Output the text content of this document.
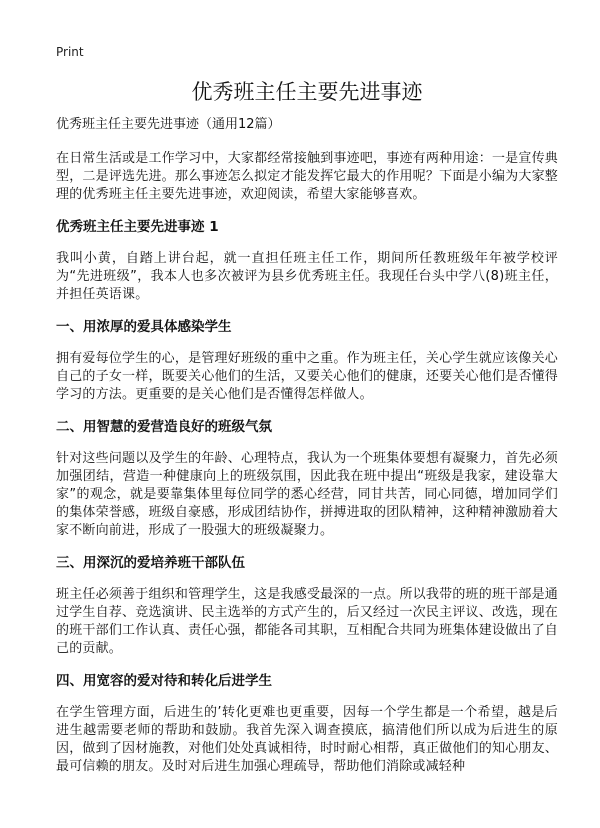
Print
优秀班主任主要先进事迹
优秀班主任主要先进事迹（通用12篇）

在日常生活或是工作学习中，大家都经常接触到事迹吧，事迹有两种用途：一是宣传典型，二是评选先进。那么事迹怎么拟定才能发挥它最大的作用呢？下面是小编为大家整理的优秀班主任主要先进事迹，欢迎阅读，希望大家能够喜欢。

优秀班主任主要先进事迹 1

我叫小黄，自踏上讲台起，就一直担任班主任工作，期间所任教班级年年被学校评为“先进班级”，我本人也多次被评为县乡优秀班主任。我现任台头中学八(8)班主任，并担任英语课。

一、用浓厚的爱具体感染学生

拥有爱每位学生的心，是管理好班级的重中之重。作为班主任，关心学生就应该像关心自己的子女一样，既要关心他们的生活，又要关心他们的健康，还要关心他们是否懂得学习的方法。更重要的是关心他们是否懂得怎样做人。

二、用智慧的爱营造良好的班级气氛

针对这些问题以及学生的年龄、心理特点，我认为一个班集体要想有凝聚力，首先必须加强团结，营造一种健康向上的班级氛围，因此我在班中提出“班级是我家，建设靠大家”的观念，就是要靠集体里每位同学的悉心经营，同甘共苦，同心同德，增加同学们的集体荣誉感，班级自豪感，形成团结协作，拼搏进取的团队精神，这种精神激励着大家不断向前进，形成了一股强大的班级凝聚力。

三、用深沉的爱培养班干部队伍

班主任必须善于组织和管理学生，这是我感受最深的一点。所以我带的班的班干部是通过学生自荐、竞选演讲、民主选举的方式产生的，后又经过一次民主评议、改选，现在的班干部们工作认真、责任心强，都能各司其职，互相配合共同为班集体建设做出了自己的贡献。

四、用宽容的爱对待和转化后进学生

在学生管理方面，后进生的’转化更难也更重要，因每一个学生都是一个希望，越是后进生越需要老师的帮助和鼓励。我首先深入调查摸底，搞清他们所以成为后进生的原因，做到了因材施教，对他们处处真诚相待，时时耐心相帮，真正做他们的知心朋友、最可信赖的朋友。及时对后进生加强心理疏导，帮助他们消除或减轻种
